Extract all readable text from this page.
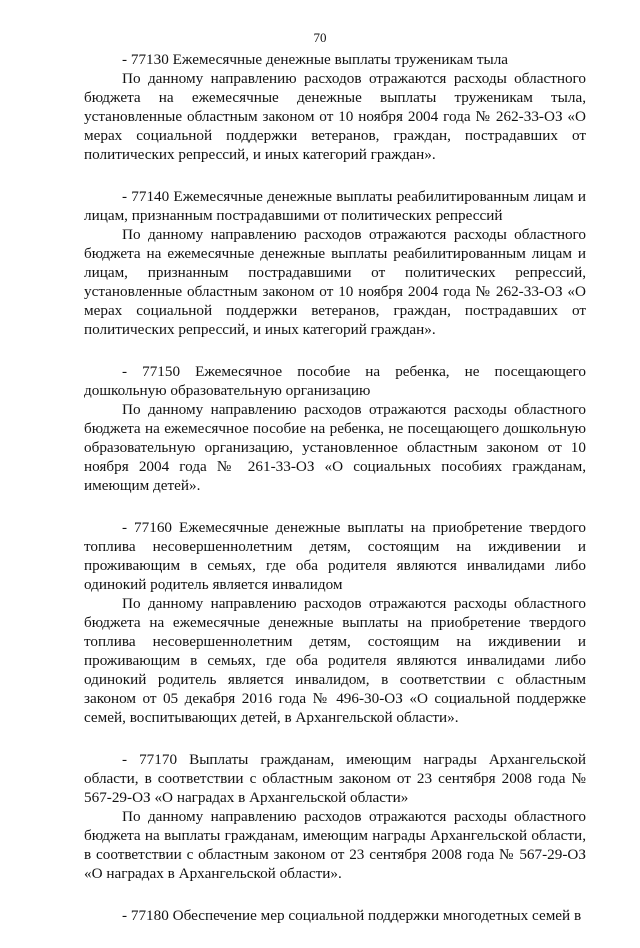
70

- 77130 Ежемесячные денежные выплаты труженикам тыла

По данному направлению расходов отражаются расходы областного бюджета на ежемесячные денежные выплаты труженикам тыла, установленные областным законом от 10 ноября 2004 года № 262-33-ОЗ «О мерах социальной поддержки ветеранов, граждан, пострадавших от политических репрессий, и иных категорий граждан».

- 77140 Ежемесячные денежные выплаты реабилитированным лицам и лицам, признанным пострадавшими от политических репрессий

По данному направлению расходов отражаются расходы областного бюджета на ежемесячные денежные выплаты реабилитированным лицам и лицам, признанным пострадавшими от политических репрессий, установленные областным законом от 10 ноября 2004 года № 262-33-ОЗ «О мерах социальной поддержки ветеранов, граждан, пострадавших от политических репрессий, и иных категорий граждан».

- 77150 Ежемесячное пособие на ребенка, не посещающего дошкольную образовательную организацию

По данному направлению расходов отражаются расходы областного бюджета на ежемесячное пособие на ребенка, не посещающего дошкольную образовательную организацию, установленное областным законом от 10 ноября 2004 года № 261-33-ОЗ «О социальных пособиях гражданам, имеющим детей».

- 77160 Ежемесячные денежные выплаты на приобретение твердого топлива несовершеннолетним детям, состоящим на иждивении и проживающим в семьях, где оба родителя являются инвалидами либо одинокий родитель является инвалидом

По данному направлению расходов отражаются расходы областного бюджета на ежемесячные денежные выплаты на приобретение твердого топлива несовершеннолетним детям, состоящим на иждивении и проживающим в семьях, где оба родителя являются инвалидами либо одинокий родитель является инвалидом, в соответствии с областным законом от 05 декабря 2016 года № 496-30-ОЗ «О социальной поддержке семей, воспитывающих детей, в Архангельской области».

- 77170 Выплаты гражданам, имеющим награды Архангельской области, в соответствии с областным законом от 23 сентября 2008 года № 567-29-ОЗ «О наградах в Архангельской области»

По данному направлению расходов отражаются расходы областного бюджета на выплаты гражданам, имеющим награды Архангельской области, в соответствии с областным законом от 23 сентября 2008 года № 567-29-ОЗ «О наградах в Архангельской области».

- 77180 Обеспечение мер социальной поддержки многодетных семей в
